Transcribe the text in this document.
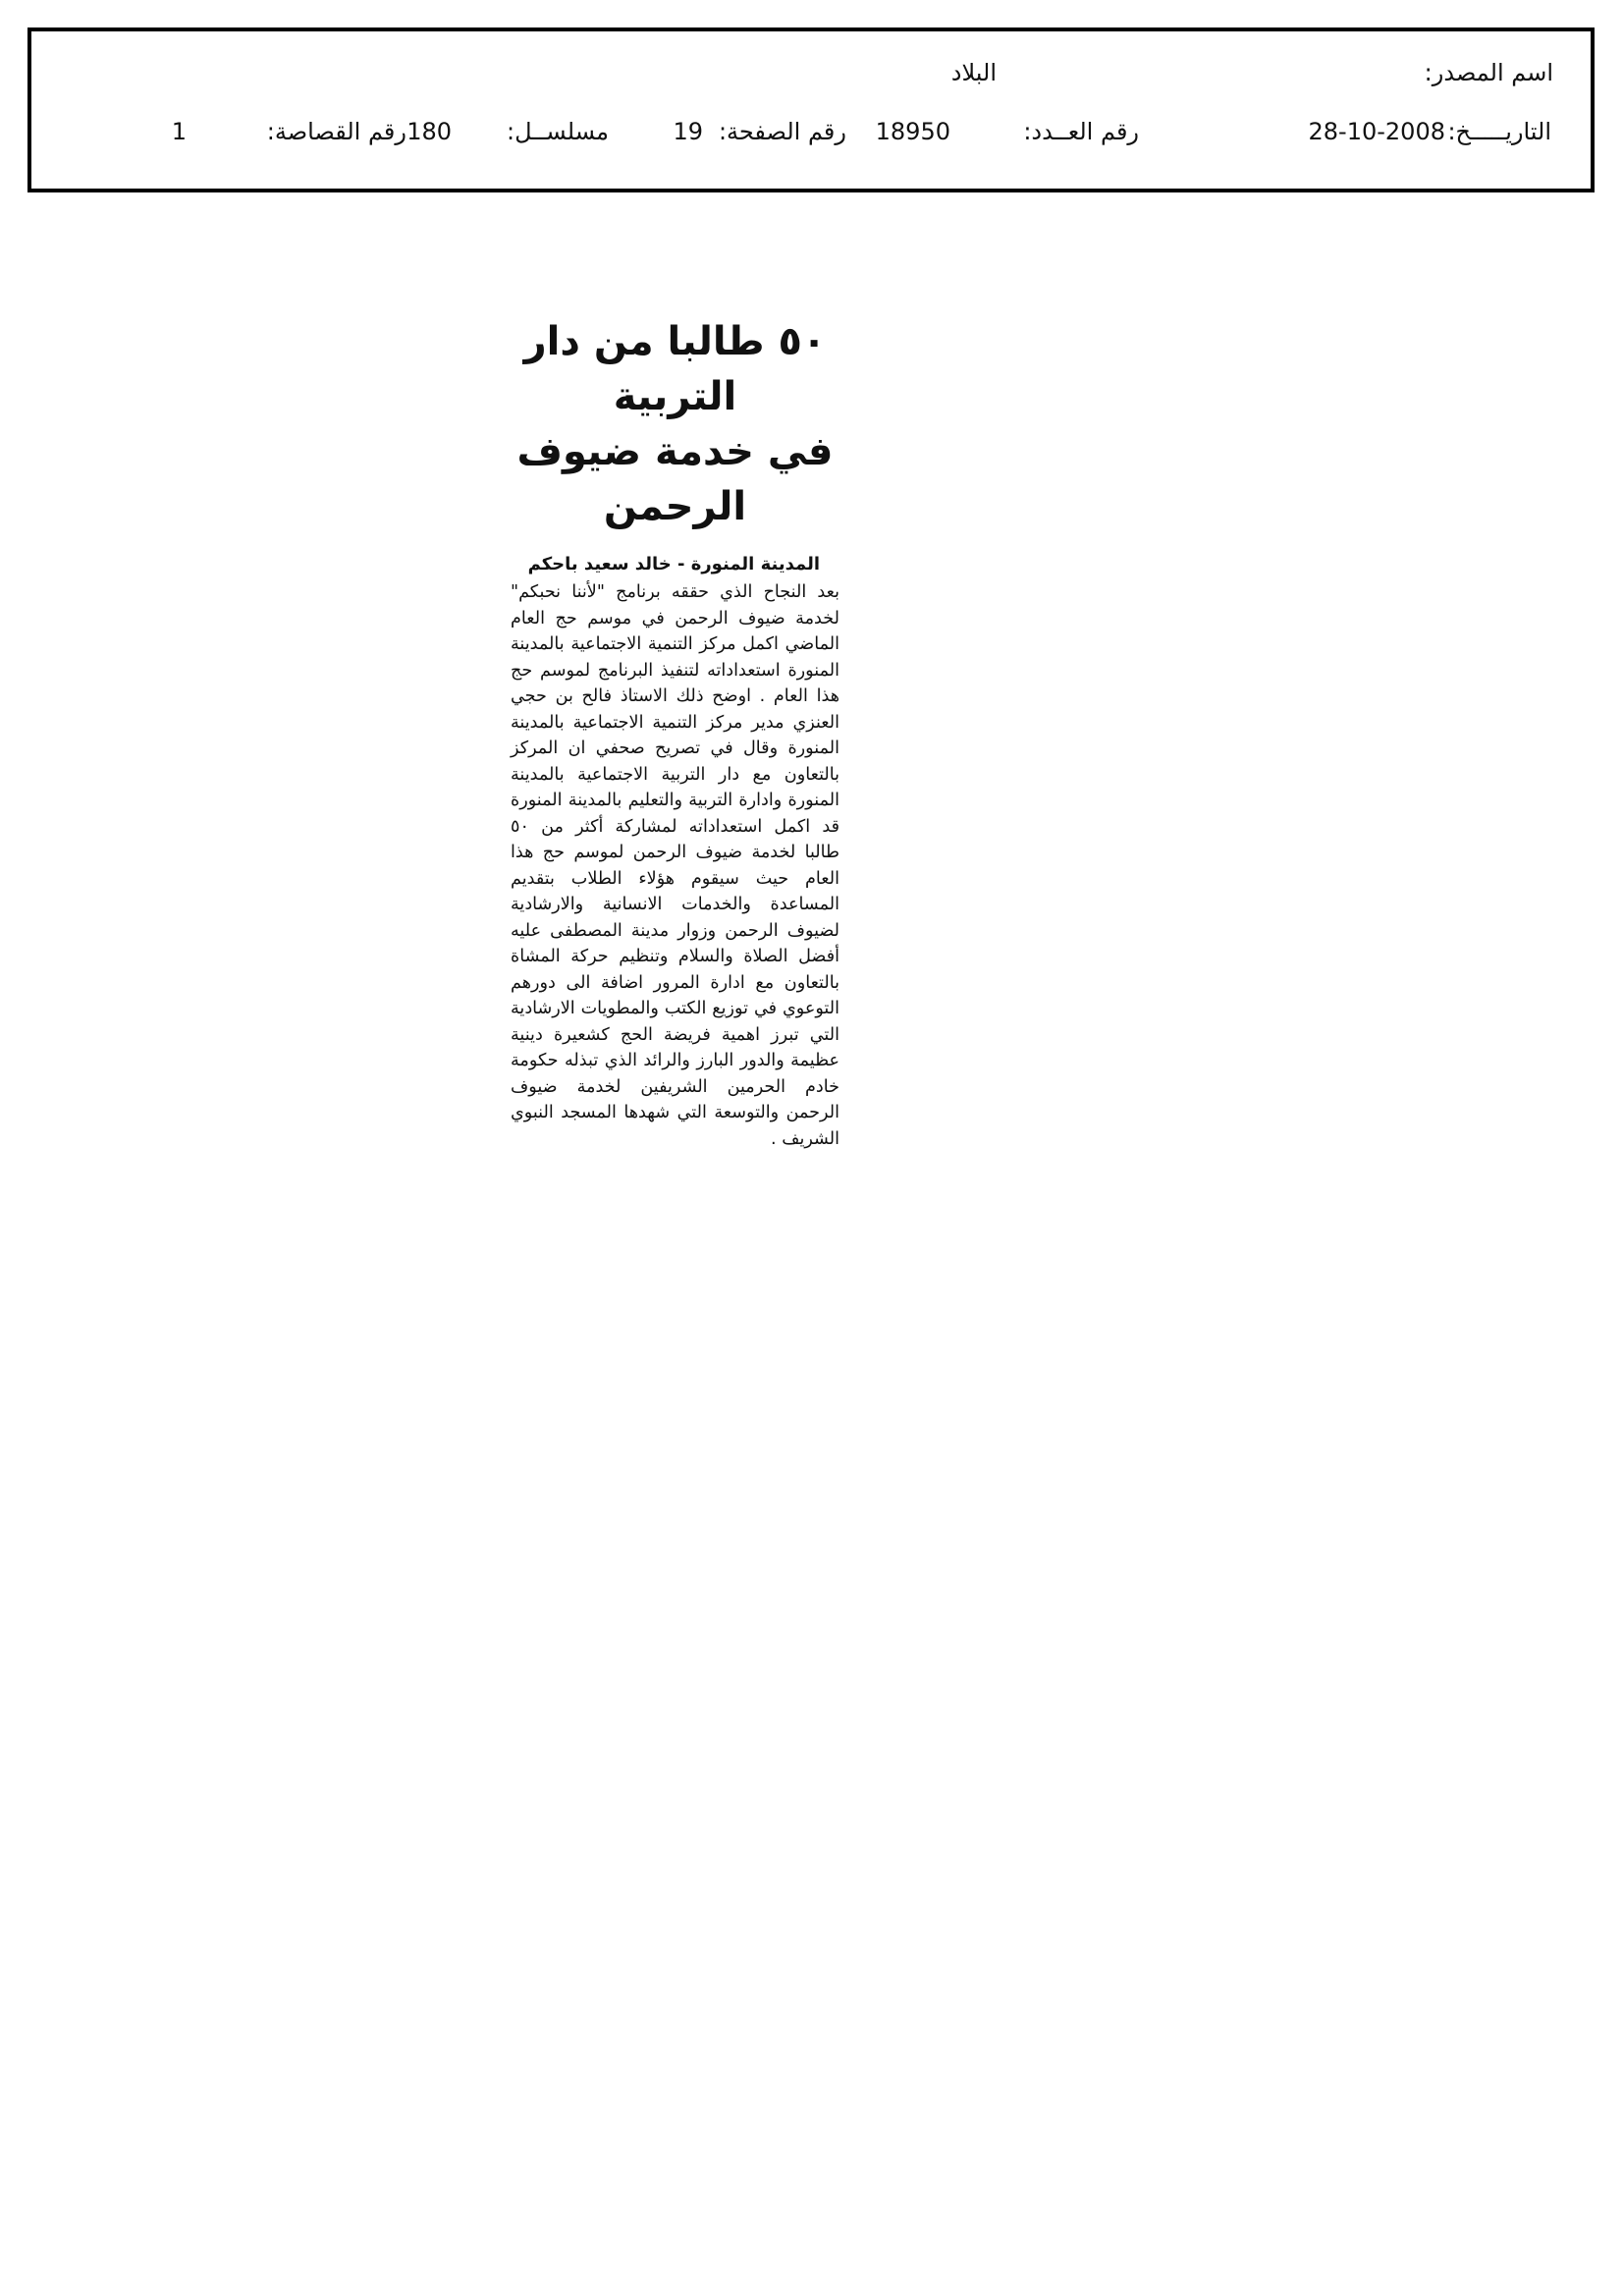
اسم المصدر:
البلاد
التاريـــــخ:
28-10-2008
رقم العــدد:
18950
رقم الصفحة:
19
مسلســل:
180
رقم القصاصة:
1

٥٠ طالبا من دار التربية

في خدمة ضيوف الرحمن

المدينة المنورة - خالد سعيد باحكم

بعد النجاح الذي حققه برنامج "لأننا نحبكم" لخدمة ضيوف الرحمن في موسم حج العام الماضي اكمل مركز التنمية الاجتماعية بالمدينة المنورة استعداداته لتنفيذ البرنامج لموسم حج هذا العام . اوضح ذلك الاستاذ فالح بن حجي العنزي مدير مركز التنمية الاجتماعية بالمدينة المنورة وقال في تصريح صحفي ان المركز بالتعاون مع دار التربية الاجتماعية بالمدينة المنورة وادارة التربية والتعليم بالمدينة المنورة قد اكمل استعداداته لمشاركة أكثر من ٥٠ طالبا لخدمة ضيوف الرحمن لموسم حج هذا العام حيث سيقوم هؤلاء الطلاب بتقديم المساعدة والخدمات الانسانية والارشادية لضيوف الرحمن وزوار مدينة المصطفى عليه أفضل الصلاة والسلام وتنظيم حركة المشاة بالتعاون مع ادارة المرور اضافة الى دورهم التوعوي في توزيع الكتب والمطويات الارشادية التي تبرز اهمية فريضة الحج كشعيرة دينية عظيمة والدور البارز والرائد الذي تبذله حكومة خادم الحرمين الشريفين لخدمة ضيوف الرحمن والتوسعة التي شهدها المسجد النبوي الشريف .
